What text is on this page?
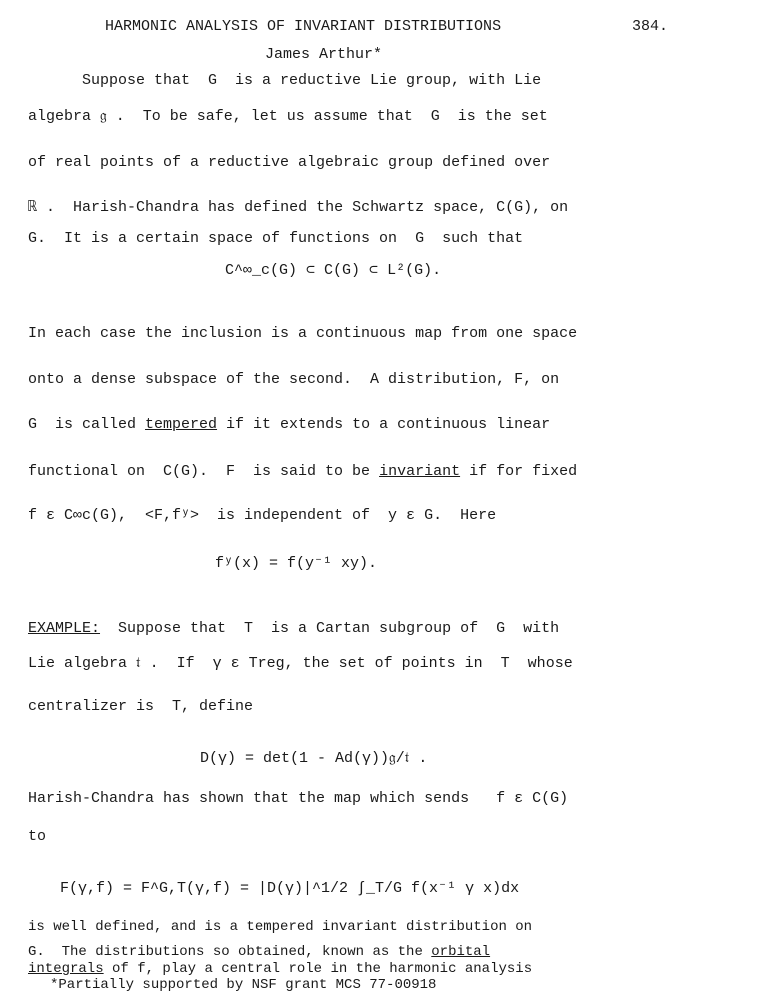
HARMONIC ANALYSIS OF INVARIANT DISTRIBUTIONS	384.
James Arthur*
Suppose that  G  is a reductive Lie group, with Lie
algebra 𝔤 .  To be safe, let us assume that  G  is the set
of real points of a reductive algebraic group defined over
ℝ .  Harish-Chandra has defined the Schwartz space, C(G), on
G.  It is a certain space of functions on  G  such that
C^∞_c(G) ⊂ C(G) ⊂ L²(G).
In each case the inclusion is a continuous map from one space
onto a dense subspace of the second.  A distribution, F, on
G  is called tempered if it extends to a continuous linear
functional on  C(G).  F  is said to be invariant if for fixed
f ε C∞c(G),  <F,fʸ>  is independent of  y ε G.  Here
fʸ(x) = f(y⁻¹ xy).
EXAMPLE:  Suppose that  T  is a Cartan subgroup of  G  with
Lie algebra 𝔱 .  If  γ ε Treg, the set of points in  T  whose
centralizer is  T, define
D(γ) = det(1 - Ad(γ))𝔤/𝔱 .
Harish-Chandra has shown that the map which sends   f ε C(G)
to
F(γ,f) = F^G,T(γ,f) = |D(γ)|^1/2 ∫_T/G f(x⁻¹ γ x)dx
is well defined, and is a tempered invariant distribution on
G.  The distributions so obtained, known as the orbital
integrals of f, play a central role in the harmonic analysis
*Partially supported by NSF grant MCS 77-00918
